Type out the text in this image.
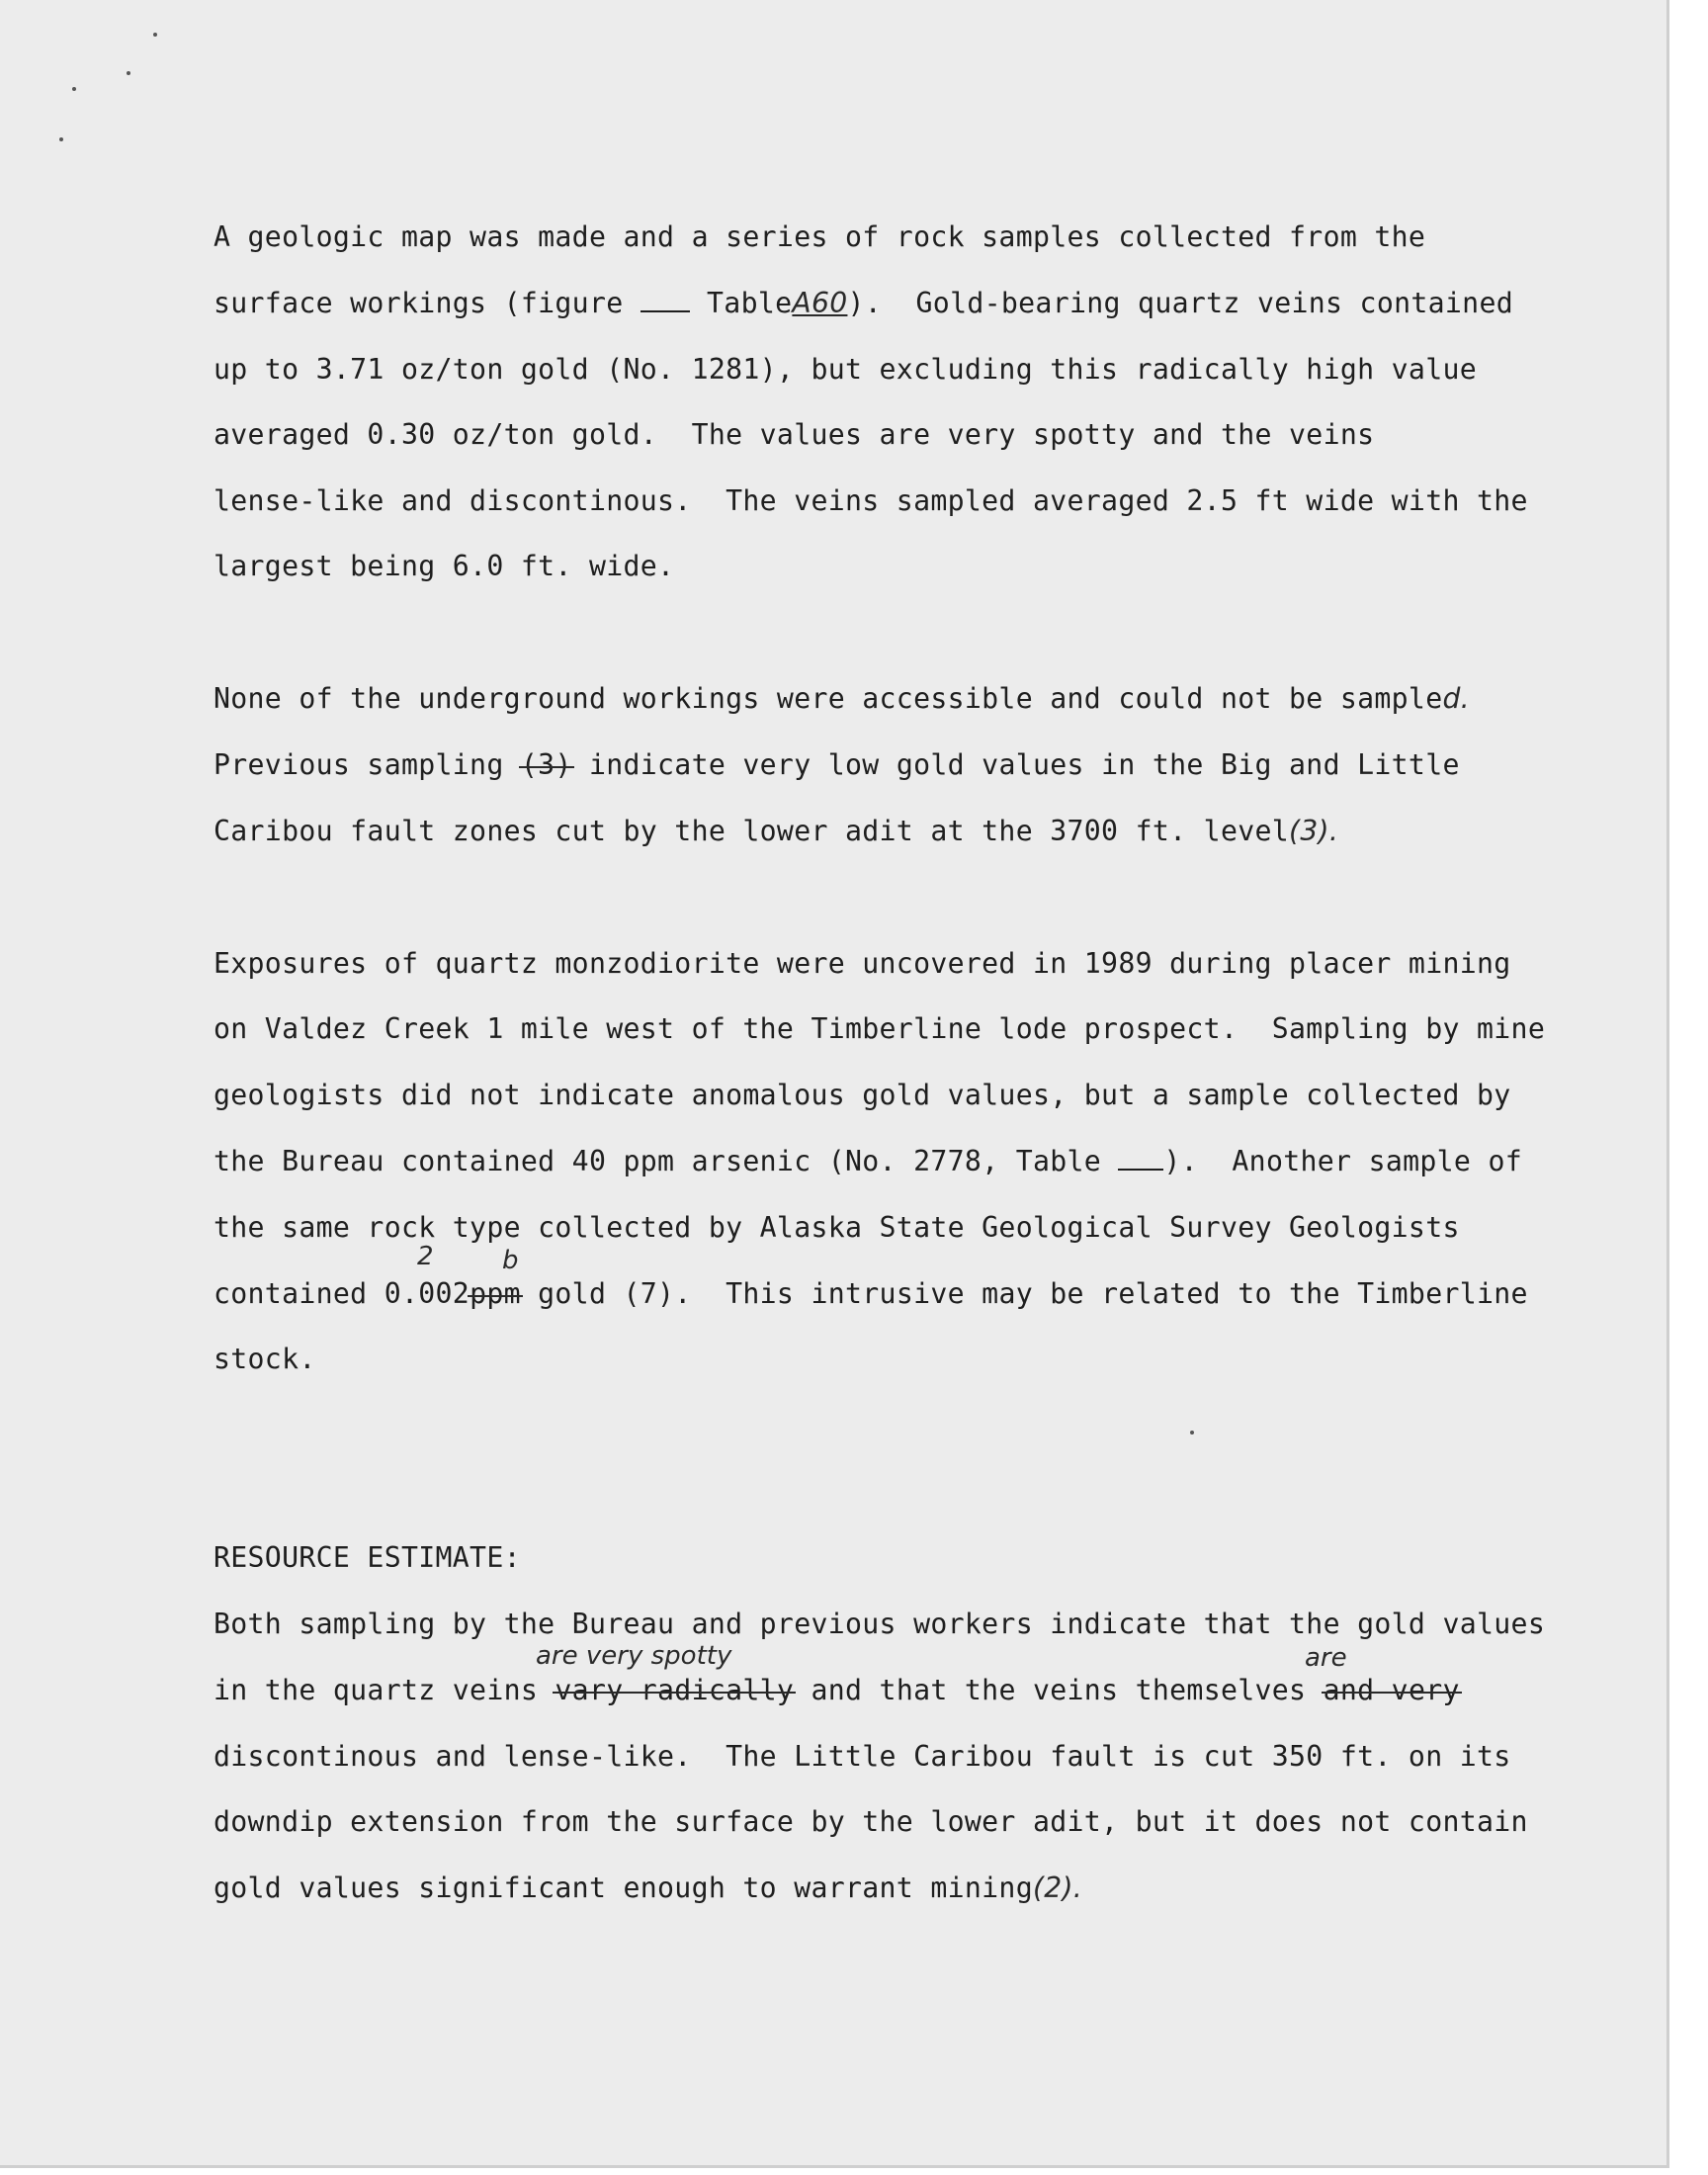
A geologic map was made and a series of rock samples collected from the

surface workings (figure  TableA60).  Gold-bearing quartz veins contained

up to 3.71 oz/ton gold (No. 1281), but excluding this radically high value

averaged 0.30 oz/ton gold.  The values are very spotty and the veins

lense-like and discontinous.  The veins sampled averaged 2.5 ft wide with the

largest being 6.0 ft. wide.

None of the underground workings were accessible and could not be sampled.

Previous sampling (3) indicate very low gold values in the Big and Little

Caribou fault zones cut by the lower adit at the 3700 ft. level(3).

Exposures of quartz monzodiorite were uncovered in 1989 during placer mining

on Valdez Creek 1 mile west of the Timberline lode prospect.  Sampling by mine

geologists did not indicate anomalous gold values, but a sample collected by

the Bureau contained 40 ppm arsenic (No. 2778, Table ).  Another sample of

the same rock type collected by Alaska State Geological Survey Geologists

2	b

contained 0.002ppm gold (7).  This intrusive may be related to the Timberline

stock.

RESOURCE ESTIMATE:

Both sampling by the Bureau and previous workers indicate that the gold values

are very spotty	are

in the quartz veins vary radically and that the veins themselves and very

discontinous and lense-like.  The Little Caribou fault is cut 350 ft. on its

downdip extension from the surface by the lower adit, but it does not contain

gold values significant enough to warrant mining(2).
